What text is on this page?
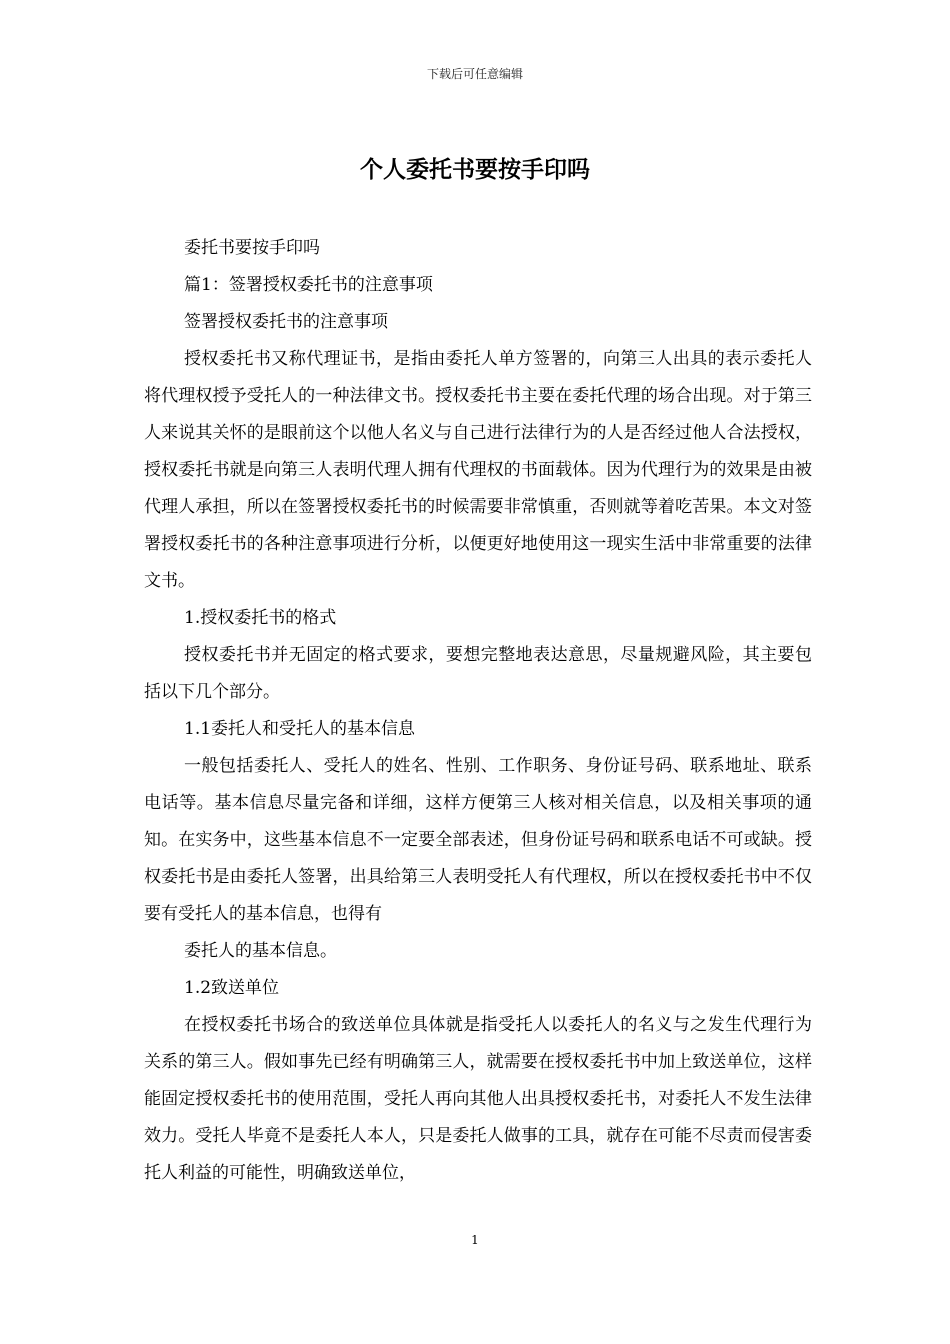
下载后可任意编辑
个人委托书要按手印吗

委托书要按手印吗

篇1：签署授权委托书的注意事项

签署授权委托书的注意事项

授权委托书又称代理证书，是指由委托人单方签署的，向第三人出具的表示委托人将代理权授予受托人的一种法律文书。授权委托书主要在委托代理的场合出现。对于第三人来说其关怀的是眼前这个以他人名义与自己进行法律行为的人是否经过他人合法授权，授权委托书就是向第三人表明代理人拥有代理权的书面载体。因为代理行为的效果是由被代理人承担，所以在签署授权委托书的时候需要非常慎重，否则就等着吃苦果。本文对签署授权委托书的各种注意事项进行分析，以便更好地使用这一现实生活中非常重要的法律文书。

1.授权委托书的格式

授权委托书并无固定的格式要求，要想完整地表达意思，尽量规避风险，其主要包括以下几个部分。

1.1委托人和受托人的基本信息

一般包括委托人、受托人的姓名、性别、工作职务、身份证号码、联系地址、联系电话等。基本信息尽量完备和详细，这样方便第三人核对相关信息，以及相关事项的通知。在实务中，这些基本信息不一定要全部表述，但身份证号码和联系电话不可或缺。授权委托书是由委托人签署，出具给第三人表明受托人有代理权，所以在授权委托书中不仅要有受托人的基本信息，也得有

委托人的基本信息。

1.2致送单位

在授权委托书场合的致送单位具体就是指受托人以委托人的名义与之发生代理行为关系的第三人。假如事先已经有明确第三人，就需要在授权委托书中加上致送单位，这样能固定授权委托书的使用范围，受托人再向其他人出具授权委托书，对委托人不发生法律效力。受托人毕竟不是委托人本人，只是委托人做事的工具，就存在可能不尽责而侵害委托人利益的可能性，明确致送单位，

1
